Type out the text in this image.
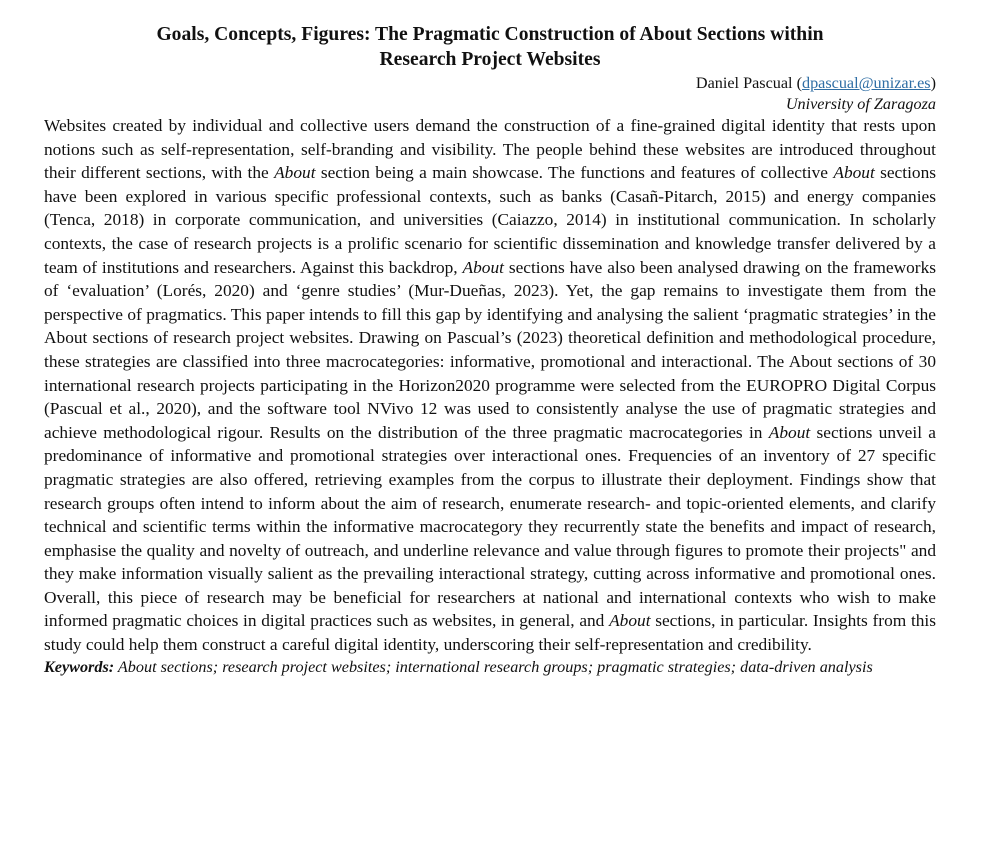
Goals, Concepts, Figures: The Pragmatic Construction of About Sections within
Research Project Websites

Daniel Pascual (dpascual@unizar.es)

University of Zaragoza

Websites created by individual and collective users demand the construction of a fine-grained digital identity that rests upon notions such as self-representation, self-branding and visibility. The people behind these websites are introduced throughout their different sections, with the About section being a main showcase. The functions and features of collective About sections have been explored in various specific professional contexts, such as banks (Casañ-Pitarch, 2015) and energy companies (Tenca, 2018) in corporate communication, and universities (Caiazzo, 2014) in institutional communication. In scholarly contexts, the case of research projects is a prolific scenario for scientific dissemination and knowledge transfer delivered by a team of institutions and researchers. Against this backdrop, About sections have also been analysed drawing on the frameworks of ‘evaluation’ (Lorés, 2020) and ‘genre studies’ (Mur-Dueñas, 2023). Yet, the gap remains to investigate them from the perspective of pragmatics. This paper intends to fill this gap by identifying and analysing the salient ‘pragmatic strategies’ in the About sections of research project websites. Drawing on Pascual’s (2023) theoretical definition and methodological procedure, these strategies are classified into three macrocategories: informative, promotional and interactional. The About sections of 30 international research projects participating in the Horizon2020 programme were selected from the EUROPRO Digital Corpus (Pascual et al., 2020), and the software tool NVivo 12 was used to consistently analyse the use of pragmatic strategies and achieve methodological rigour. Results on the distribution of the three pragmatic macrocategories in About sections unveil a predominance of informative and promotional strategies over interactional ones. Frequencies of an inventory of 27 specific pragmatic strategies are also offered, retrieving examples from the corpus to illustrate their deployment. Findings show that research groups often intend to inform about the aim of research, enumerate research- and topic-oriented elements, and clarify technical and scientific terms within the informative macrocategory they recurrently state the benefits and impact of research, emphasise the quality and novelty of outreach, and underline relevance and value through figures to promote their projects" and they make information visually salient as the prevailing interactional strategy, cutting across informative and promotional ones. Overall, this piece of research may be beneficial for researchers at national and international contexts who wish to make informed pragmatic choices in digital practices such as websites, in general, and About sections, in particular. Insights from this study could help them construct a careful digital identity, underscoring their self-representation and credibility.

Keywords: About sections; research project websites; international research groups; pragmatic strategies; data-driven analysis
